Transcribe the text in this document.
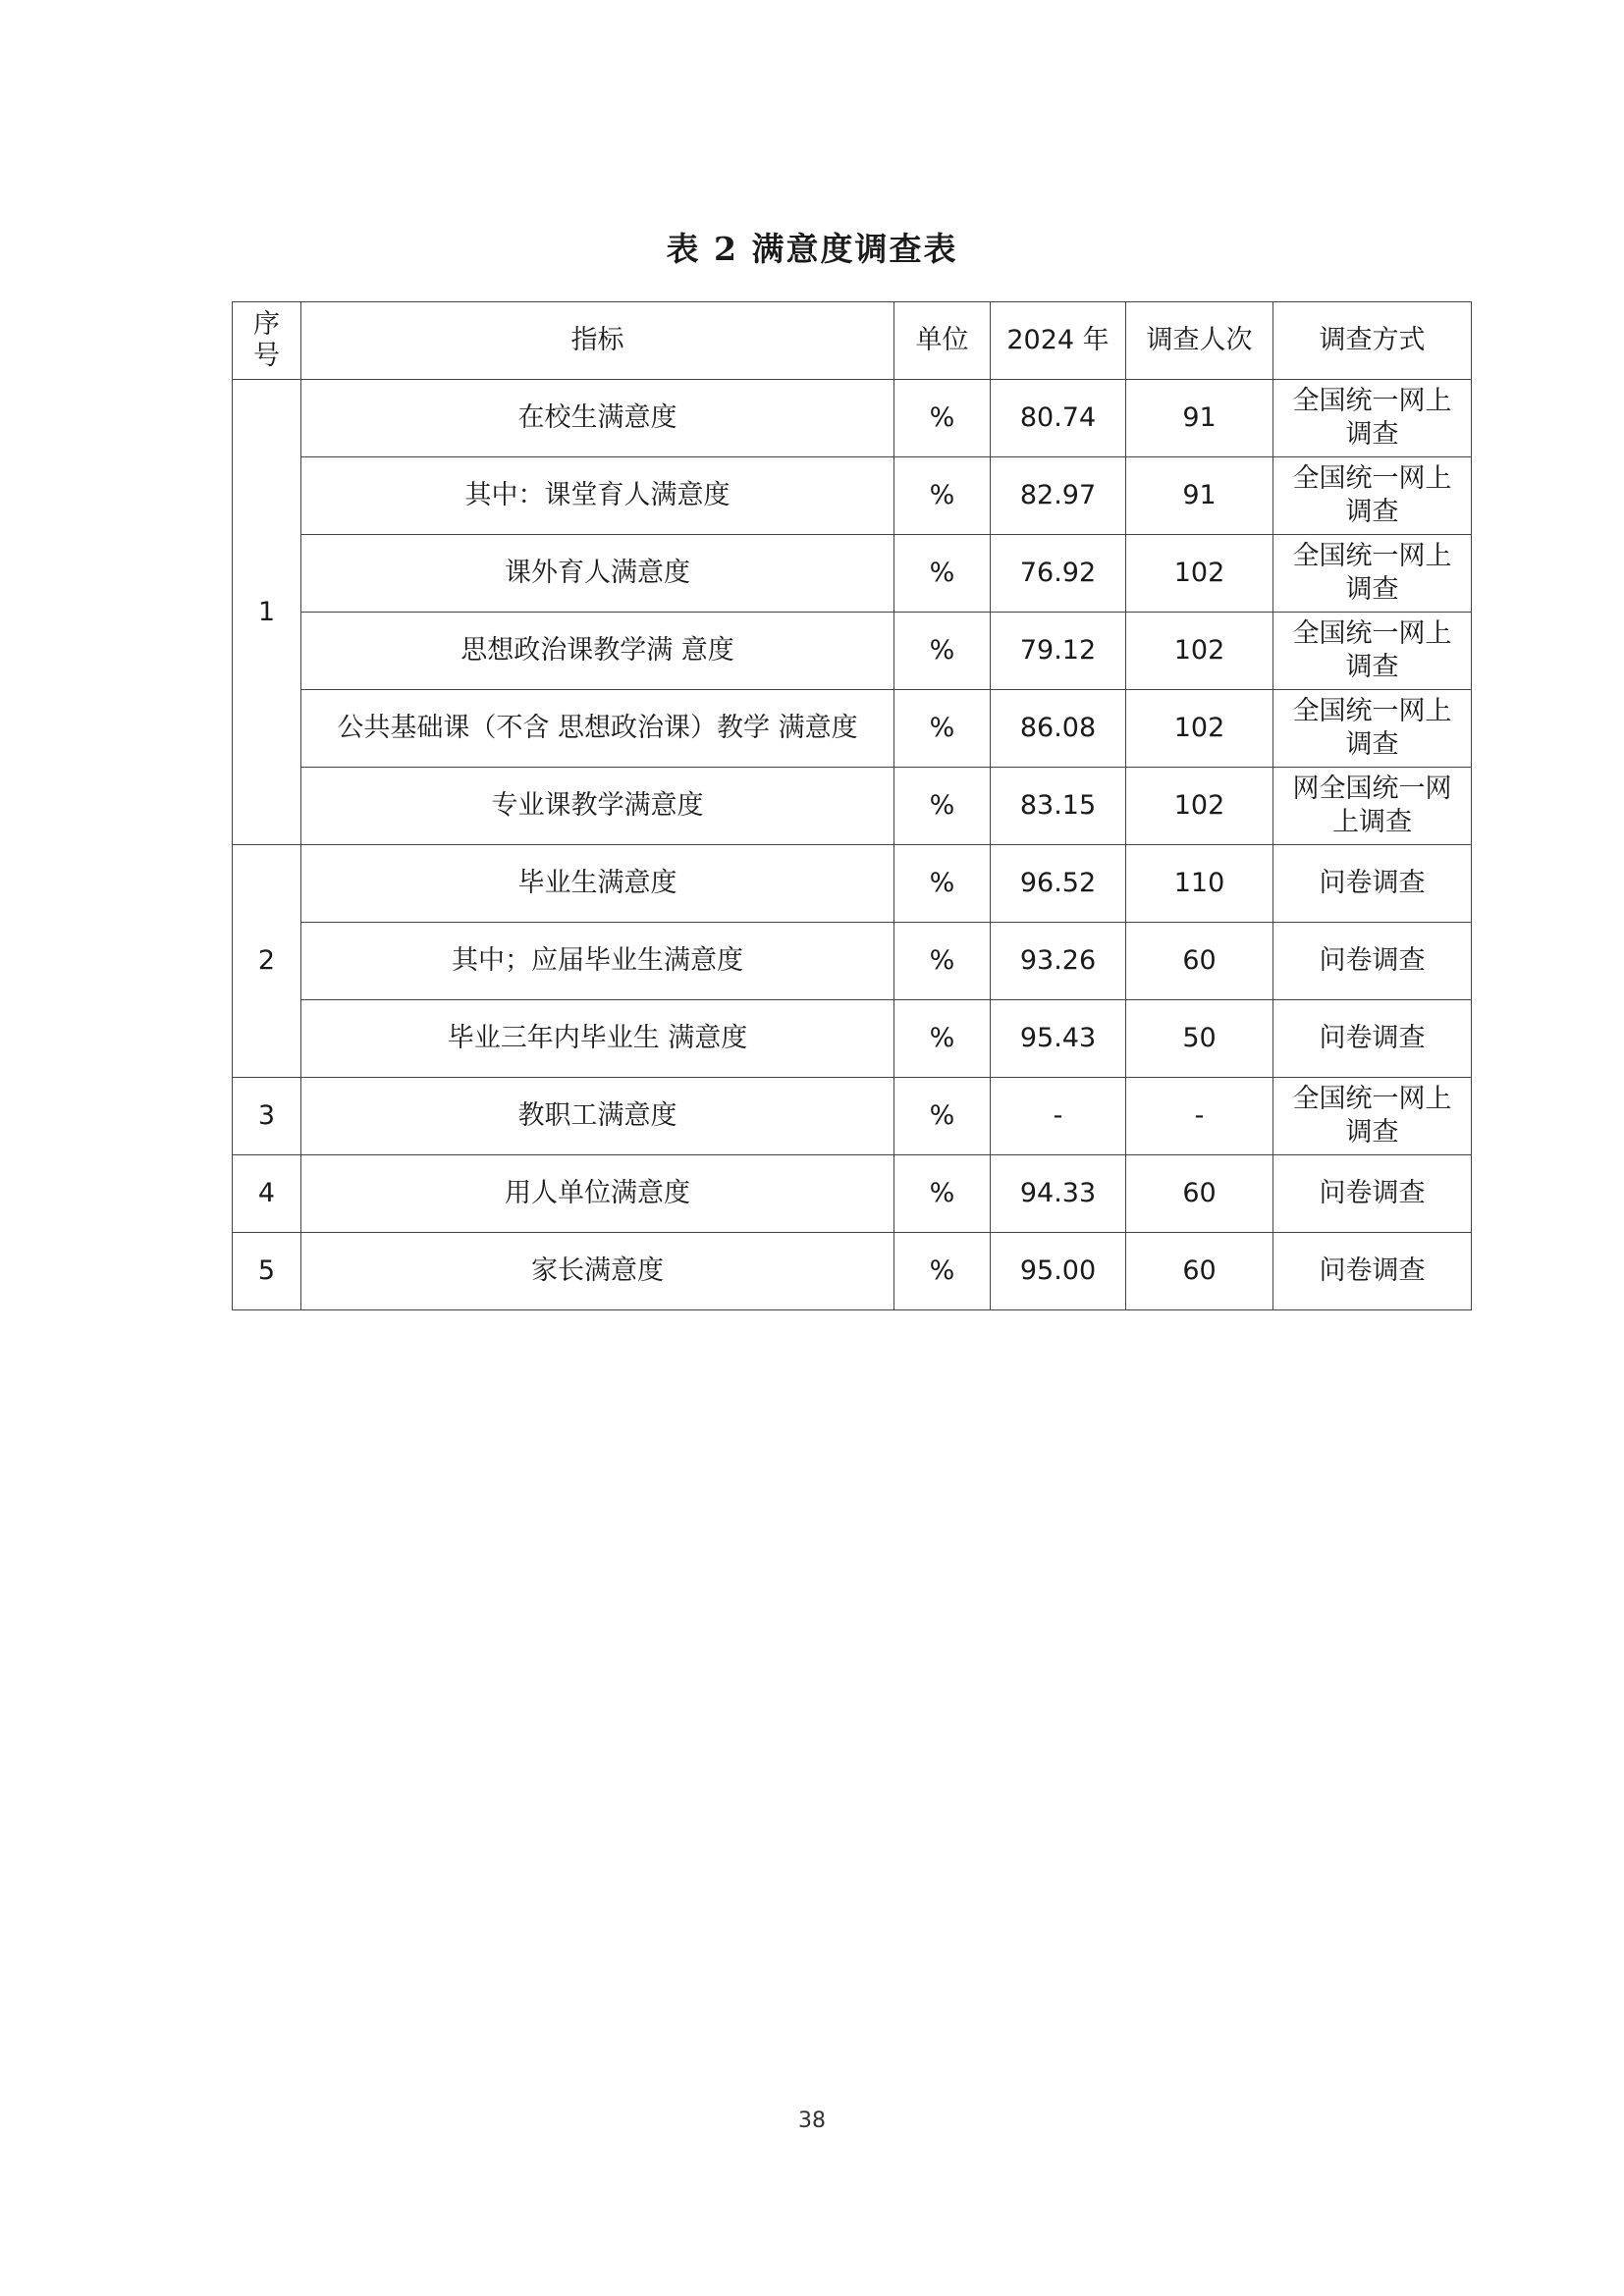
表 2 满意度调查表
序
号	指标	单位	2024 年	调查人次	调查方式
1	在校生满意度	%	80.74	91	全国统一网上调查
	其中：课堂育人满意度	%	82.97	91	全国统一网上调查
	课外育人满意度	%	76.92	102	全国统一网上调查
	思想政治课教学满 意度	%	79.12	102	全国统一网上调查
	公共基础课（不含 思想政治课）教学 满意度	%	86.08	102	全国统一网上调查
	专业课教学满意度	%	83.15	102	网全国统一网上调查
2	毕业生满意度	%	96.52	110	问卷调查
	其中；应届毕业生满意度	%	93.26	60	问卷调查
	毕业三年内毕业生 满意度	%	95.43	50	问卷调查
3	教职工满意度	%	-	-	全国统一网上调查
4	用人单位满意度	%	94.33	60	问卷调查
5	家长满意度	%	95.00	60	问卷调查
38
